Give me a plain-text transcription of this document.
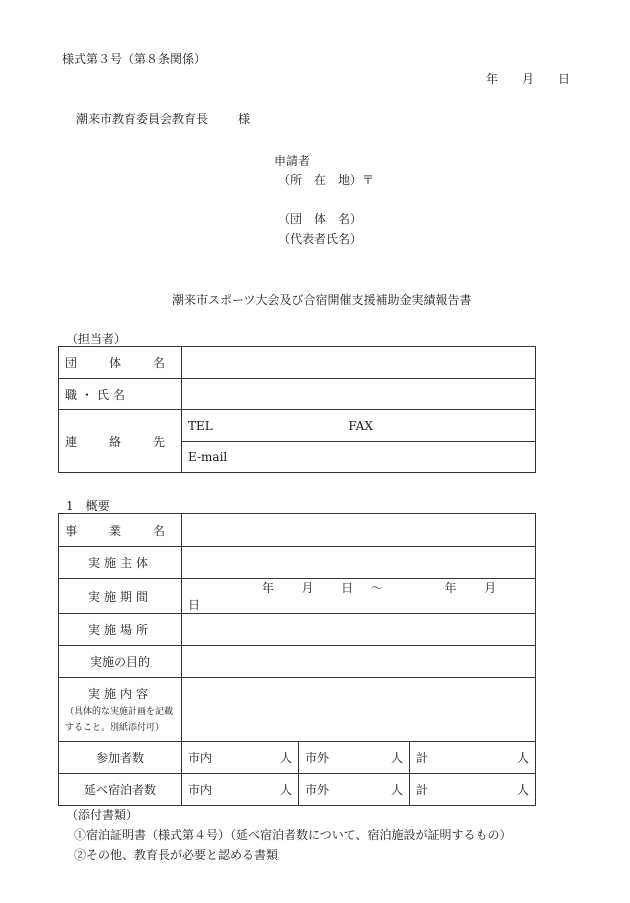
様式第３号（第８条関係）
年 月 日
潮来市教育委員会教育長 様
申請者
（所　在　地）〒
（団　体　名）
（代表者氏名）
潮来市スポーツ大会及び合宿開催支援補助金実績報告書
（担当者）
団　体　名	
職・氏名	
連　絡　先	TEL FAX
	E-mail
1　概要
事　業　名			
実施主体			
実施期間	年 月 日 ～ 年 月  日		
実施場所			
実施の目的			

実施内容
（具体的な実施計画を記載
すること。別紙添付可）			

参加者数	市内 人	市外 人	計 人

延べ宿泊者数	市内 人	市外 人	計 人
（添付書類）
①宿泊証明書（様式第４号）（延べ宿泊者数について、宿泊施設が証明するもの）
②その他、教育長が必要と認める書類
